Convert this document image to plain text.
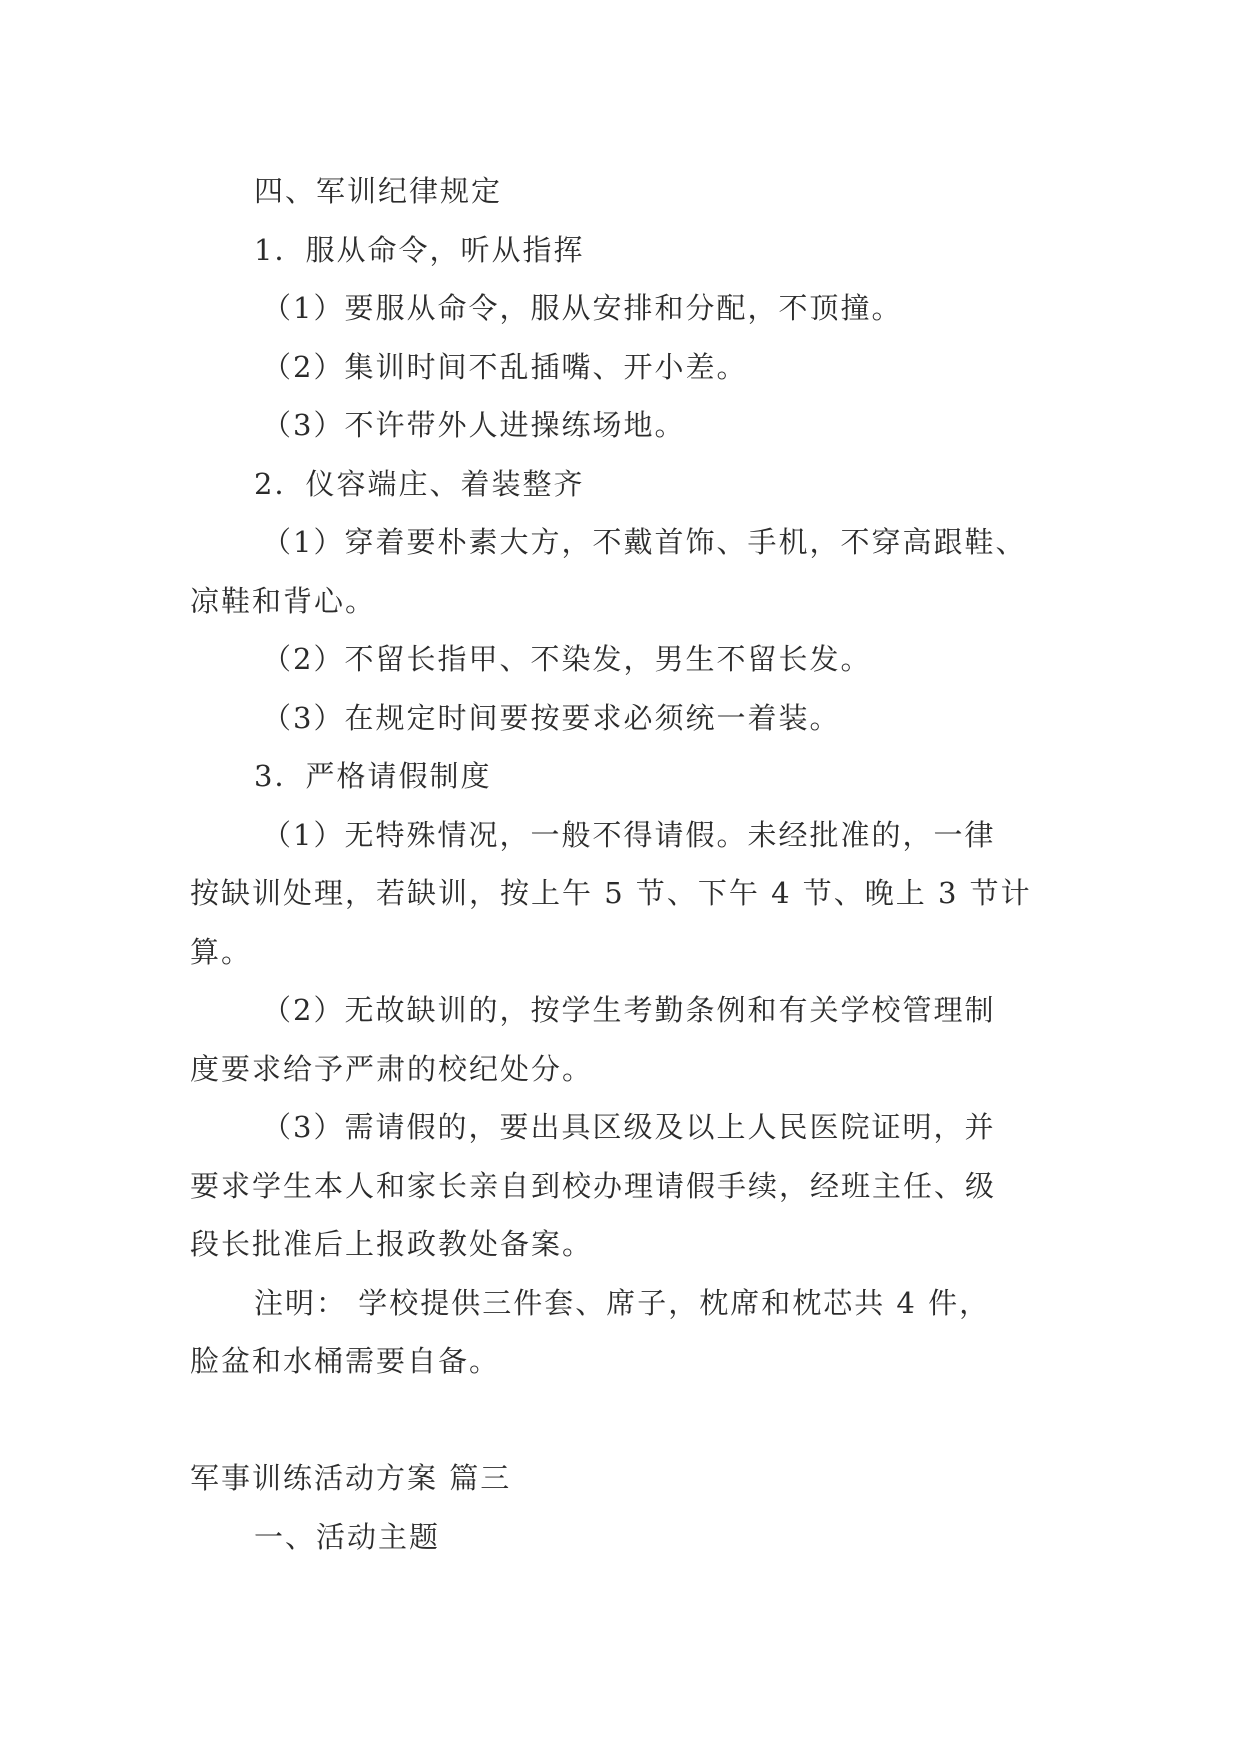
四、军训纪律规定
1．服从命令，听从指挥
（1）要服从命令，服从安排和分配，不顶撞。
（2）集训时间不乱插嘴、开小差。
（3）不许带外人进操练场地。
2．仪容端庄、着装整齐
（1）穿着要朴素大方，不戴首饰、手机，不穿高跟鞋、
凉鞋和背心。
（2）不留长指甲、不染发，男生不留长发。
（3）在规定时间要按要求必须统一着装。
3．严格请假制度
（1）无特殊情况，一般不得请假。未经批准的，一律
按缺训处理，若缺训，按上午 5 节、下午 4 节、晚上 3 节计
算。
（2）无故缺训的，按学生考勤条例和有关学校管理制
度要求给予严肃的校纪处分。
（3）需请假的，要出具区级及以上人民医院证明，并
要求学生本人和家长亲自到校办理请假手续，经班主任、级
段长批准后上报政教处备案。
注明： 学校提供三件套、席子，枕席和枕芯共 4 件，
脸盆和水桶需要自备。
军事训练活动方案 篇三
一、活动主题
